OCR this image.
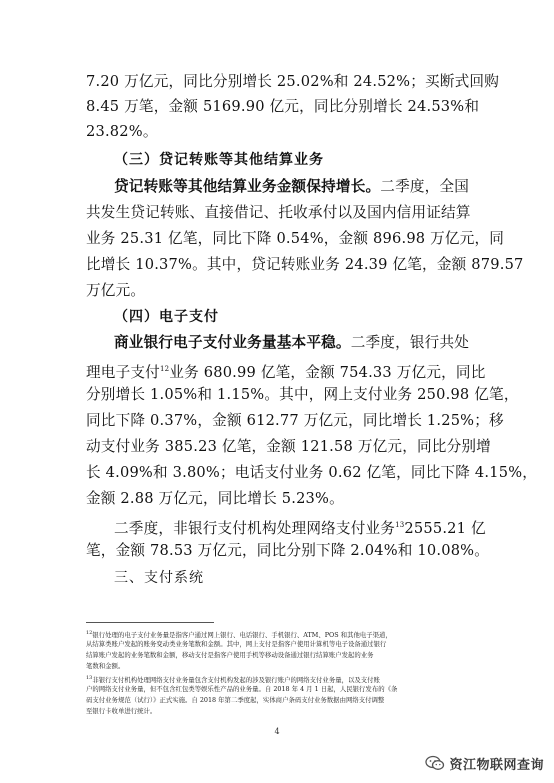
7.20 万亿元，同比分别增长 25.02%和 24.52%；买断式回购
8.45 万笔，金额 5169.90 亿元，同比分别增长 24.53%和
23.82%。
（三）贷记转账等其他结算业务
贷记转账等其他结算业务金额保持增长。二季度，全国
共发生贷记转账、直接借记、托收承付以及国内信用证结算
业务 25.31 亿笔，同比下降 0.54%，金额 896.98 万亿元，同
比增长 10.37%。其中，贷记转账业务 24.39 亿笔，金额 879.57
万亿元。
（四）电子支付
商业银行电子支付业务量基本平稳。二季度，银行共处
理电子支付$^{12}$业务 680.99 亿笔，金额 754.33 万亿元，同比
分别增长 1.05%和 1.15%。其中，网上支付业务 250.98 亿笔，
同比下降 0.37%，金额 612.77 万亿元，同比增长 1.25%；移
动支付业务 385.23 亿笔，金额 121.58 万亿元，同比分别增
长 4.09%和 3.80%；电话支付业务 0.62 亿笔，同比下降 4.15%，
金额 2.88 万亿元，同比增长 5.23%。
二季度，非银行支付机构处理网络支付业务$^{13}$2555.21 亿
笔，金额 78.53 万亿元，同比分别下降 2.04%和 10.08%。
三、支付系统
$^{12}$银行处理的电子支付业务量是指客户通过网上银行、电话银行、手机银行、ATM、POS 和其他电子渠道，
从结算类账户发起的账务变动类业务笔数和金额。其中，网上支付是指客户使用计算机等电子设备通过银行
结算账户发起的业务笔数和金额，移动支付是指客户使用手机等移动设备通过银行结算账户发起的业务
笔数和金额。
$^{13}$非银行支付机构处理网络支付业务量包含支付机构发起的涉及银行账户的网络支付业务量，以及支付账
户的网络支付业务量，但不包含红包类等娱乐性产品的业务量。自 2018 年 4 月 1 日起，人民银行发布的《条
码支付业务规范（试行）》正式实施。自 2018 年第二季度起，实体商户条码支付业务数据由网络支付调整
至银行卡收单进行统计。
4
资江物联网查询
